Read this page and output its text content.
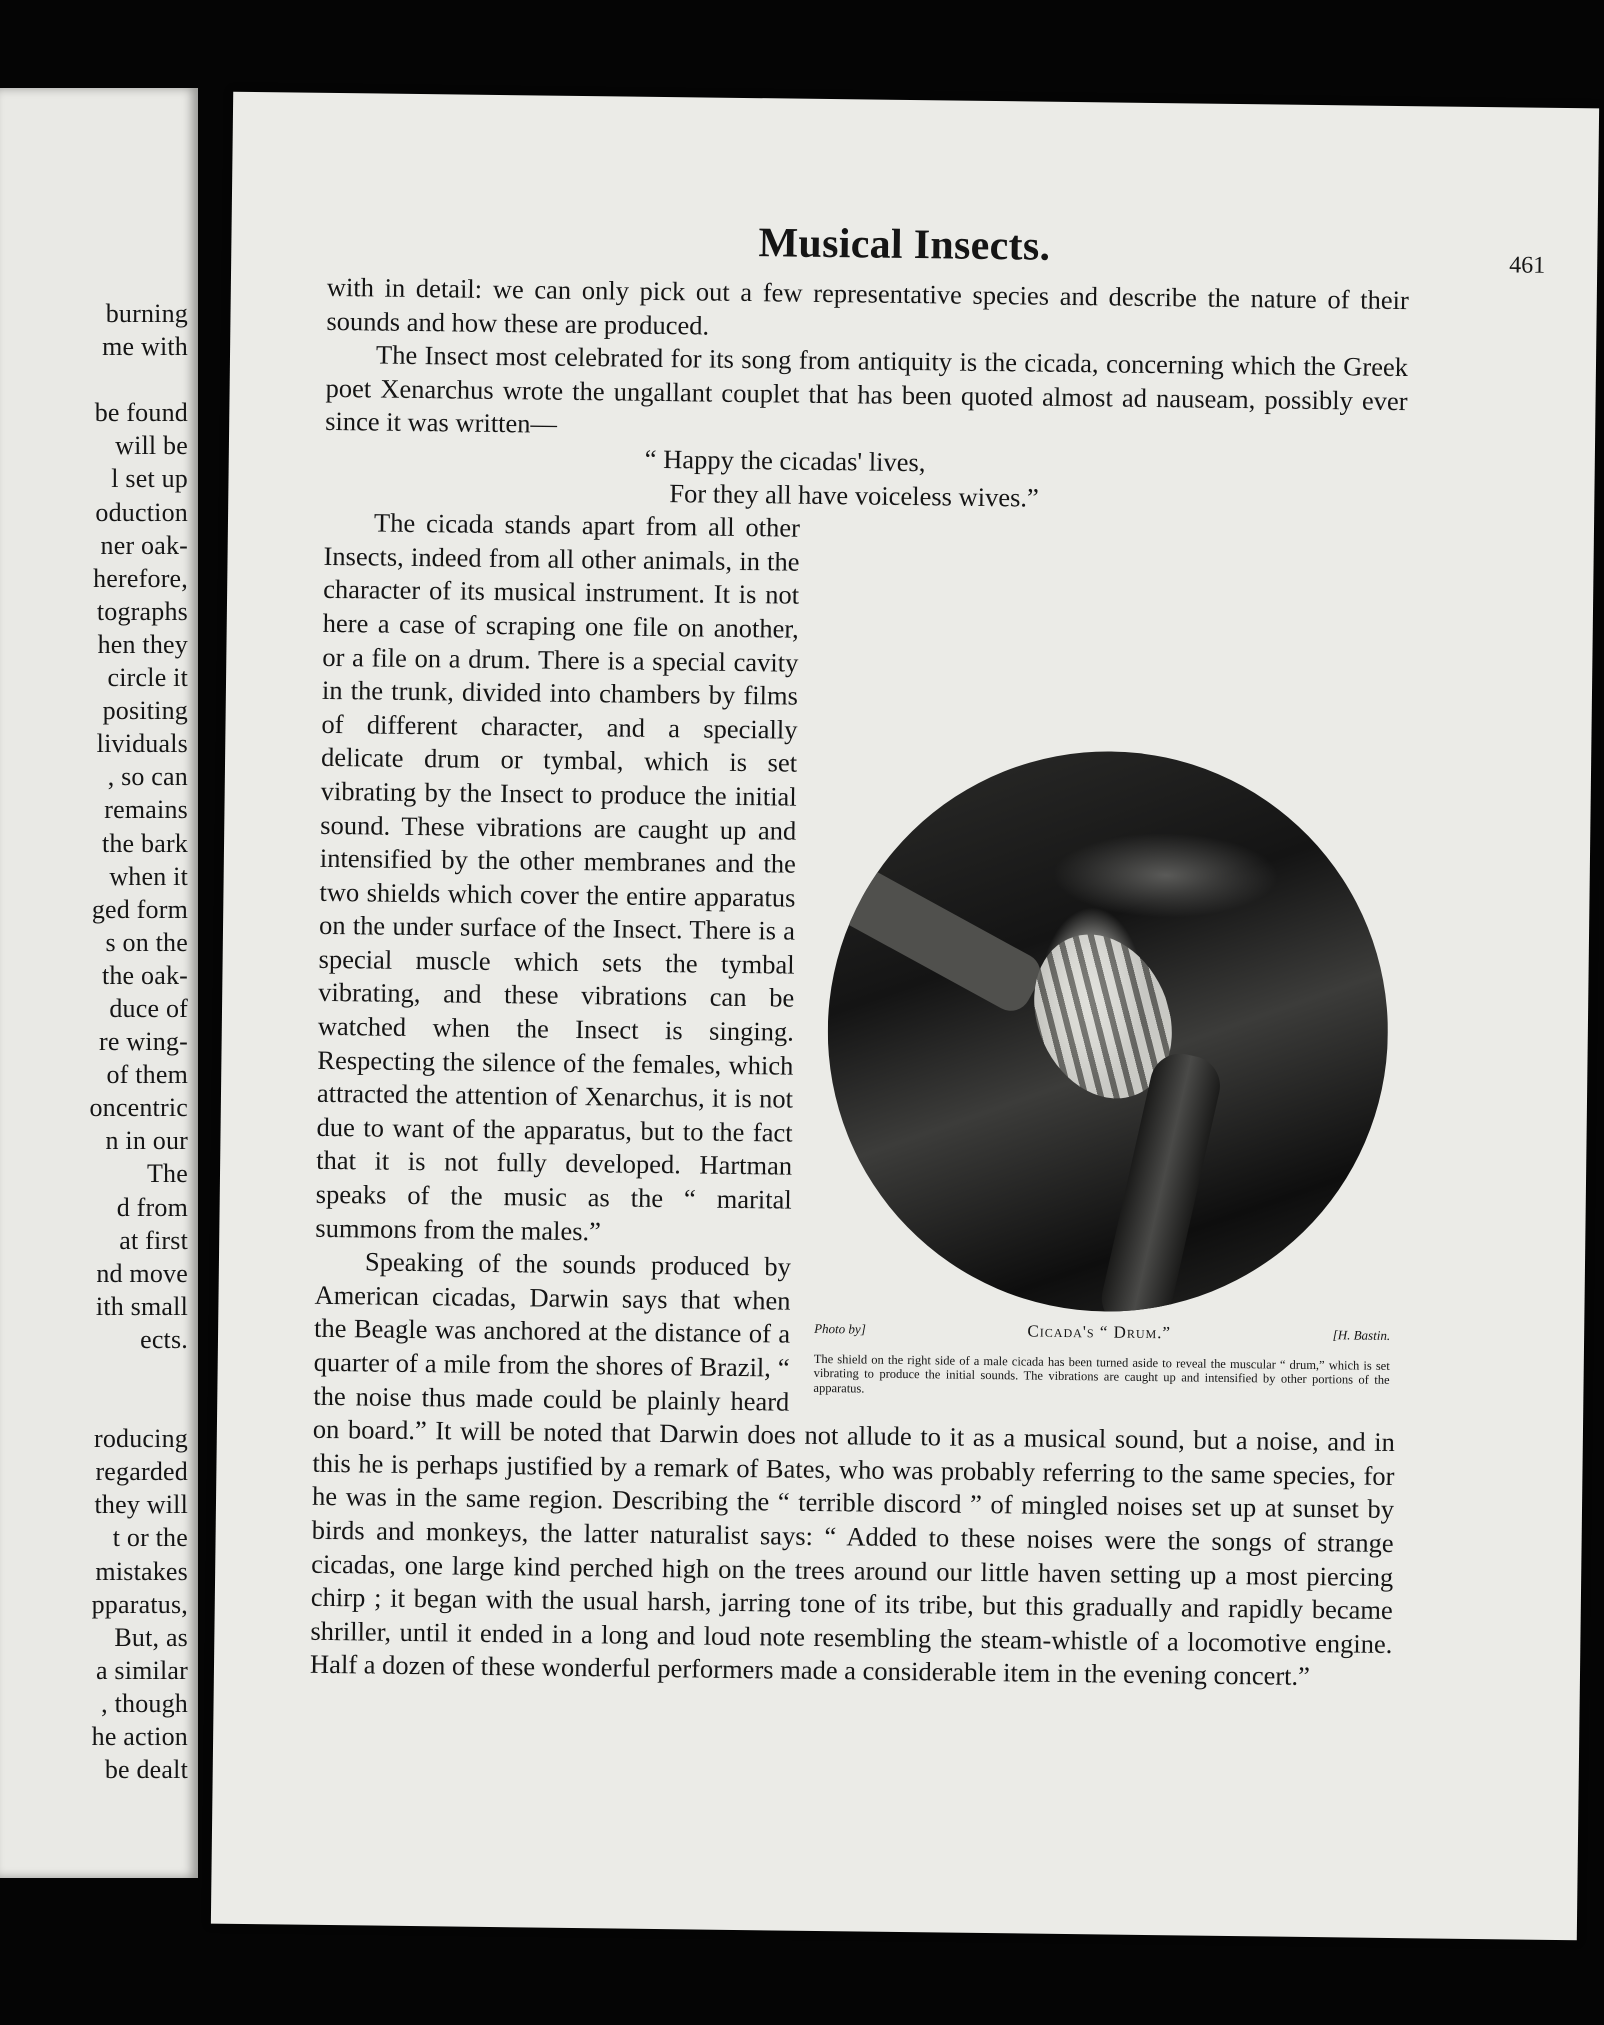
burning
me with
be found
will be
l set up
oduction
ner oak-
herefore,
tographs
hen they
circle it
positing
lividuals
, so can
remains
the bark
when it
ged form
s on the
the oak-
duce of
re wing-
of them
oncentric
n in our
The
d from
at first
nd move
ith small
ects.
roducing
regarded
they will
t or the
mistakes
pparatus,
But, as
a similar
, though
he action
be dealt
Musical Insects.	461

with in detail: we can only pick out a few representative species and describe the nature of their sounds and how these are produced.

The Insect most celebrated for its song from antiquity is the cicada, concerning which the Greek poet Xenarchus wrote the ungallant couplet that has been quoted almost ad nauseam, possibly ever since it was written—

“ Happy the cicadas' lives,
For they all have voiceless wives.”
Photo by]	Cicada's “ Drum.”	[H. Bastin.
The shield on the right side of a male cicada has been turned aside to reveal the muscular “ drum,” which is set vibrating to produce the initial sounds. The vibrations are caught up and intensified by other portions of the apparatus.

The cicada stands apart from all other Insects, indeed from all other animals, in the character of its musical instrument. It is not here a case of scraping one file on another, or a file on a drum. There is a special cavity in the trunk, divided into chambers by films of different character, and a specially delicate drum or tymbal, which is set vibrating by the Insect to produce the initial sound. These vibrations are caught up and intensified by the other membranes and the two shields which cover the entire apparatus on the under surface of the Insect. There is a special muscle which sets the tymbal vibrating, and these vibrations can be watched when the Insect is singing. Respecting the silence of the females, which attracted the attention of Xenarchus, it is not due to want of the apparatus, but to the fact that it is not fully developed. Hartman speaks of the music as the “ marital summons from the males.”

Speaking of the sounds produced by American cicadas, Darwin says that when the Beagle was anchored at the distance of a quarter of a mile from the shores of Brazil, “ the noise thus made could be plainly heard on board.” It will be noted that Darwin does not allude to it as a musical sound, but a noise, and in this he is perhaps justified by a remark of Bates, who was probably referring to the same species, for he was in the same region. Describing the “ terrible discord ” of mingled noises set up at sunset by birds and monkeys, the latter naturalist says: “ Added to these noises were the songs of strange cicadas, one large kind perched high on the trees around our little haven setting up a most piercing chirp ; it began with the usual harsh, jarring tone of its tribe, but this gradually and rapidly became shriller, until it ended in a long and loud note resembling the steam-whistle of a locomotive engine. Half a dozen of these wonderful performers made a considerable item in the evening concert.”
